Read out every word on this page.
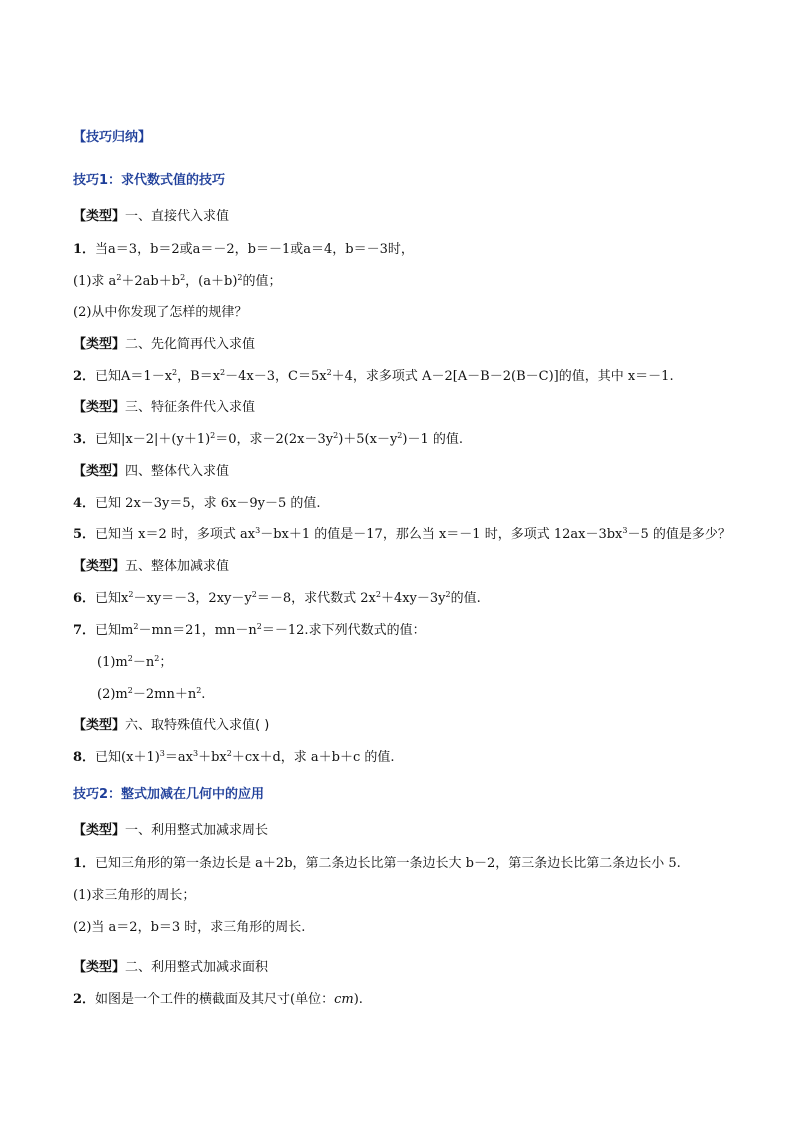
【技巧归纳】
技巧1：求代数式值的技巧
【类型】一、直接代入求值
1．当a＝3，b＝2或a＝－2，b＝－1或a＝4，b＝－3时，
(1)求 $a^2+2ab+b^2$，$(a+b)^2$的值；
(2)从中你发现了怎样的规律？
【类型】二、先化简再代入求值
2．已知$A=1-x^2$，$B=x^2-4x-3$，$C=5x^2+4$，求多项式 A－2[A－B－2(B－C)]的值，其中 x＝－1.
【类型】三、特征条件代入求值
3．已知$|x-2|+(y+1)^2=0$，求$-2(2x-3y^2)+5(x-y^2)-1$ 的值.
【类型】四、整体代入求值
4．已知 2x－3y＝5，求 6x－9y－5 的值.
5．已知当 x＝2 时，多项式 $ax^3-bx+1$ 的值是－17，那么当 x＝－1 时，多项式 $12ax-3bx^3-5$ 的值是多少？
【类型】五、整体加减求值
6．已知$x^2-xy=-3$，$2xy-y^2=-8$，求代数式 $2x^2+4xy-3y^2$的值.
7．已知$m^2-mn=21$，$mn-n^2=-12$.求下列代数式的值：
$(1)m^2-n^2$；
$(2)m^2-2mn+n^2$.
【类型】六、取特殊值代入求值( )
8．已知$(x+1)^3=ax^3+bx^2+cx+d$，求 a＋b＋c 的值.
技巧2：整式加减在几何中的应用
【类型】一、利用整式加减求周长
1．已知三角形的第一条边长是 a＋2b，第二条边长比第一条边长大 b－2，第三条边长比第二条边长小 5.
(1)求三角形的周长；
(2)当 a＝2，b＝3 时，求三角形的周长.
【类型】二、利用整式加减求面积
2．如图是一个工件的横截面及其尺寸(单位：cm).
